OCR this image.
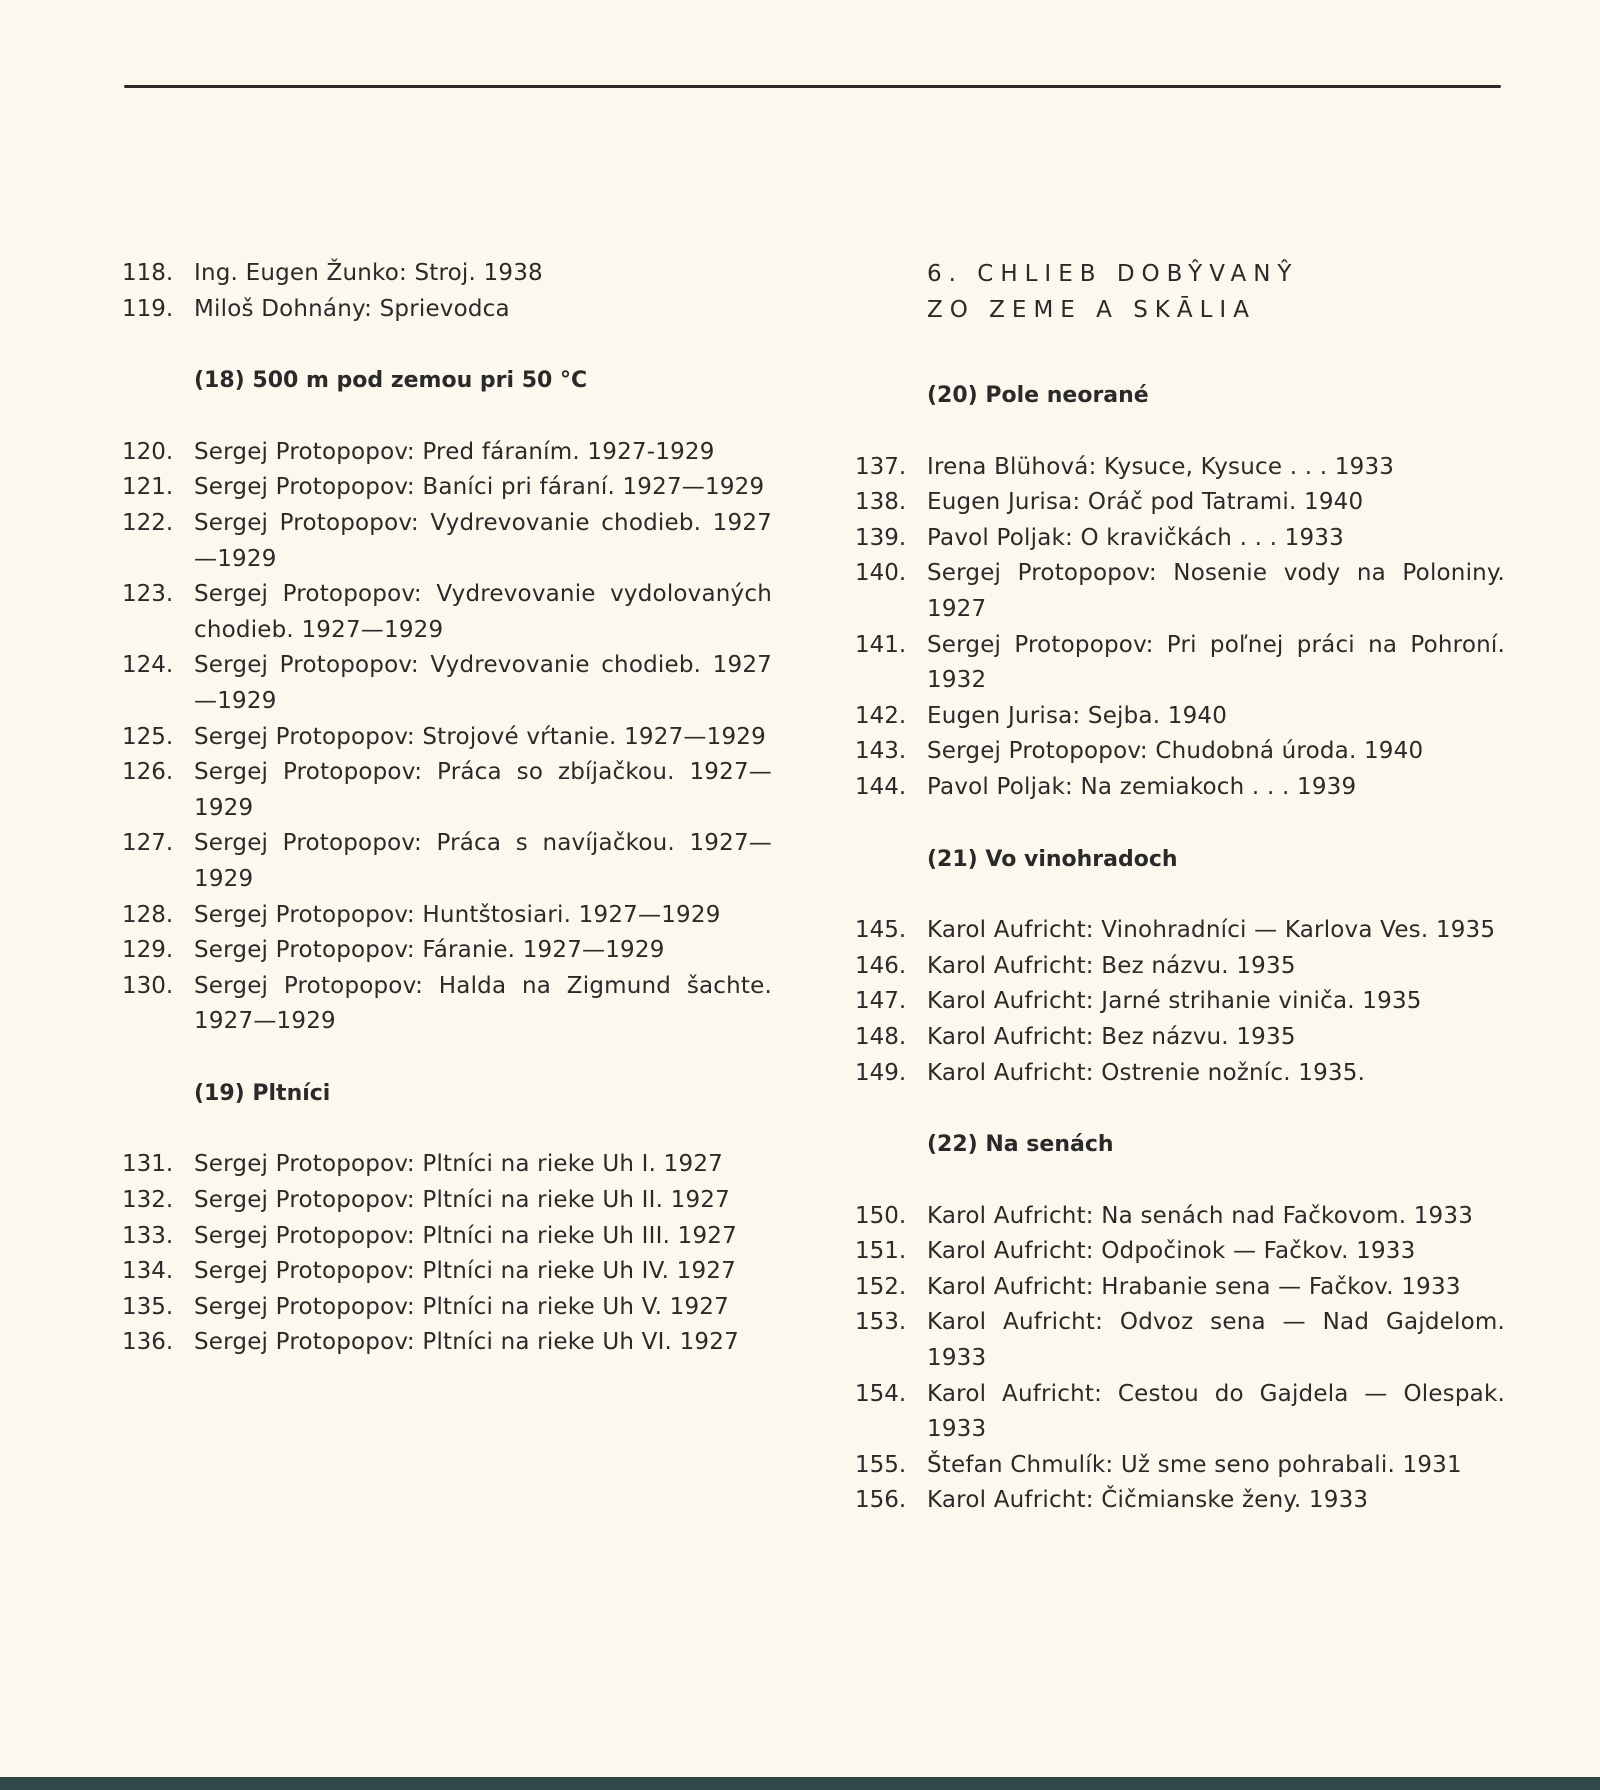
118. Ing. Eugen Žunko: Stroj. 1938
119. Miloš Dohnány: Sprievodca
(18) 500 m pod zemou pri 50 °C
120. Sergej Protopopov: Pred fáraním. 1927-1929
121. Sergej Protopopov: Baníci pri fáraní. 1927—1929
122. Sergej Protopopov: Vydrevovanie chodieb. 1927—1929
123. Sergej Protopopov: Vydrevovanie vydolovaných chodieb. 1927—1929
124. Sergej Protopopov: Vydrevovanie chodieb. 1927—1929
125. Sergej Protopopov: Strojové vŕtanie. 1927—1929
126. Sergej Protopopov: Práca so zbíjačkou. 1927—1929
127. Sergej Protopopov: Práca s navíjačkou. 1927—1929
128. Sergej Protopopov: Huntštosiari. 1927—1929
129. Sergej Protopopov: Fáranie. 1927—1929
130. Sergej Protopopov: Halda na Zigmund šachte. 1927—1929
(19) Pltníci
131. Sergej Protopopov: Pltníci na rieke Uh I. 1927
132. Sergej Protopopov: Pltníci na rieke Uh II. 1927
133. Sergej Protopopov: Pltníci na rieke Uh III. 1927
134. Sergej Protopopov: Pltníci na rieke Uh IV. 1927
135. Sergej Protopopov: Pltníci na rieke Uh V. 1927
136. Sergej Protopopov: Pltníci na rieke Uh VI. 1927
6. CHLIEB DOBŶVANŶ
ZO ZEME A SKĀLIA
(20) Pole neorané
137. Irena Blühová: Kysuce, Kysuce . . . 1933
138. Eugen Jurisa: Oráč pod Tatrami. 1940
139. Pavol Poljak: O kravičkách . . . 1933
140. Sergej Protopopov: Nosenie vody na Poloniny. 1927
141. Sergej Protopopov: Pri poľnej práci na Pohroní. 1932
142. Eugen Jurisa: Sejba. 1940
143. Sergej Protopopov: Chudobná úroda. 1940
144. Pavol Poljak: Na zemiakoch . . . 1939
(21) Vo vinohradoch
145. Karol Aufricht: Vinohradníci — Karlova Ves. 1935
146. Karol Aufricht: Bez názvu. 1935
147. Karol Aufricht: Jarné strihanie viniča. 1935
148. Karol Aufricht: Bez názvu. 1935
149. Karol Aufricht: Ostrenie nožníc. 1935.
(22) Na senách
150. Karol Aufricht: Na senách nad Fačkovom. 1933
151. Karol Aufricht: Odpočinok — Fačkov. 1933
152. Karol Aufricht: Hrabanie sena — Fačkov. 1933
153. Karol Aufricht: Odvoz sena — Nad Gajdelom. 1933
154. Karol Aufricht: Cestou do Gajdela — Olespak. 1933
155. Štefan Chmulík: Už sme seno pohrabali. 1931
156. Karol Aufricht: Čičmianske ženy. 1933
